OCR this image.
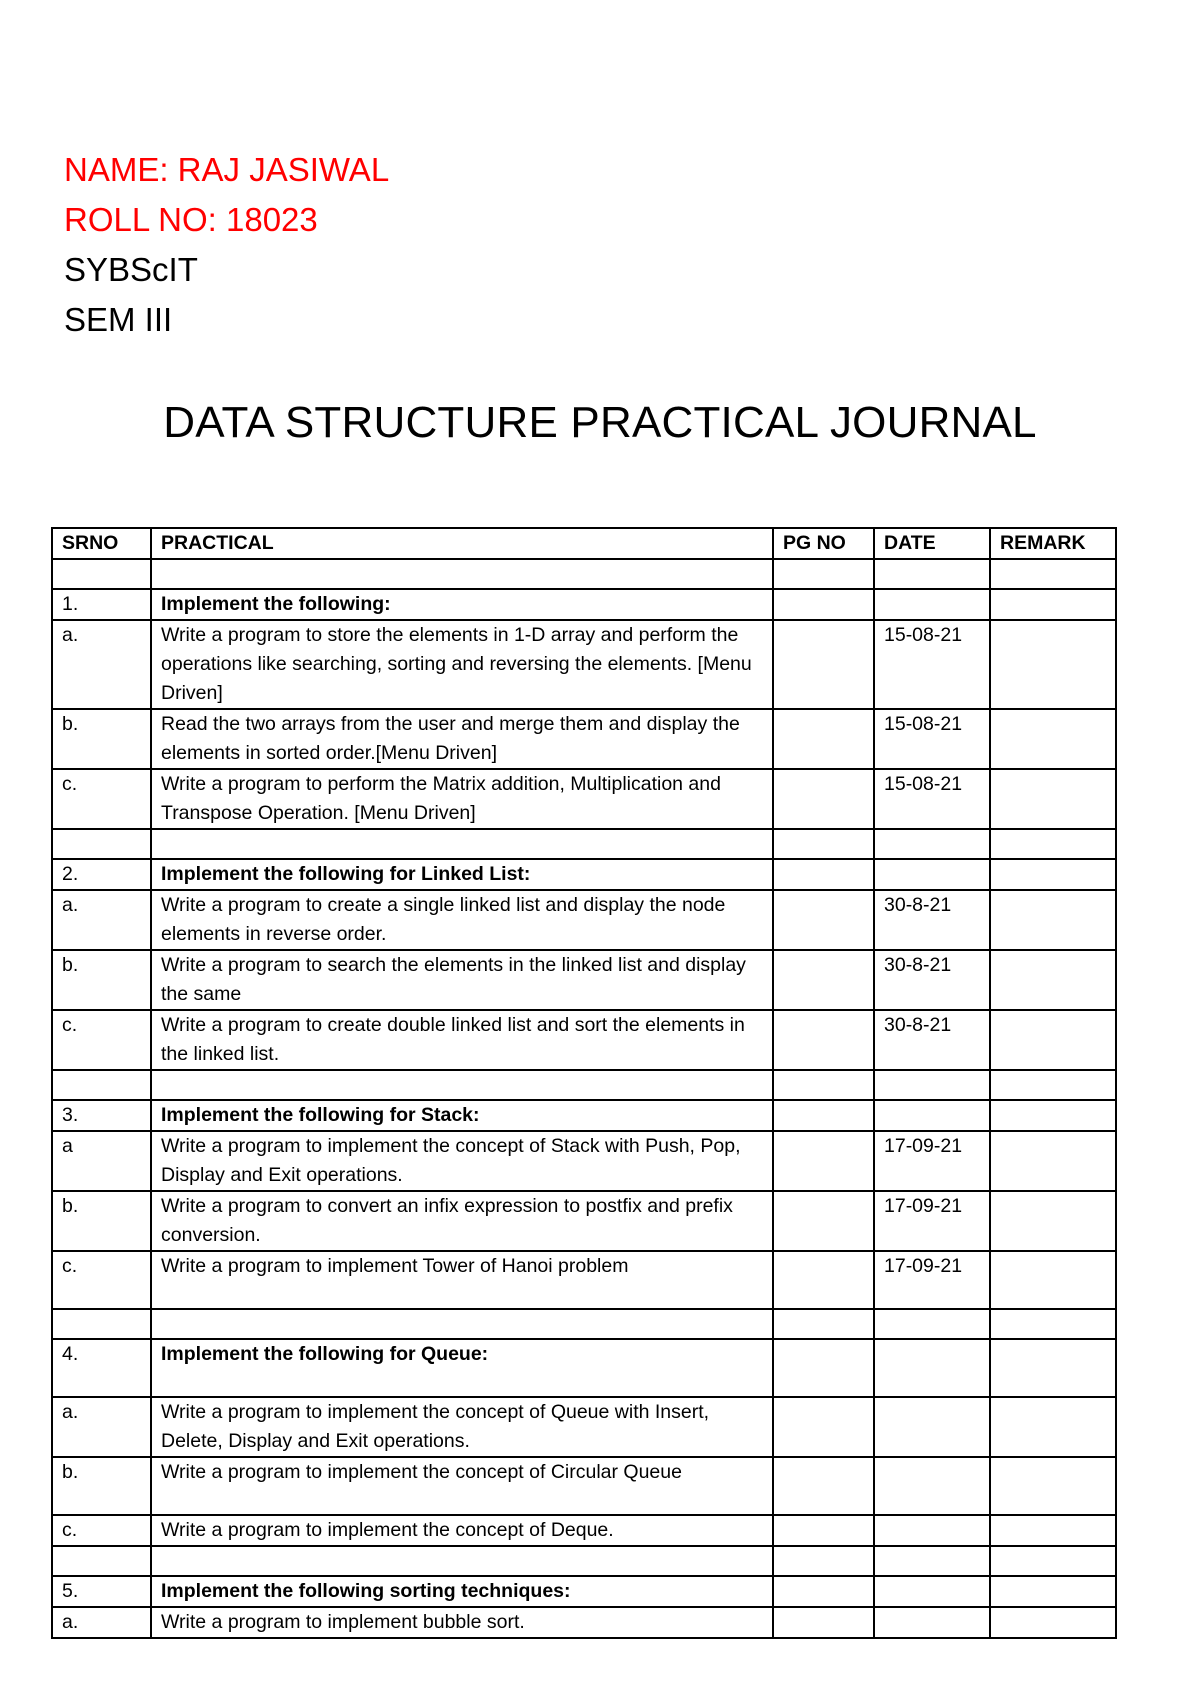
NAME: RAJ JASIWAL
ROLL NO: 18023
SYBScIT
SEM III
DATA STRUCTURE PRACTICAL JOURNAL
SRNO	PRACTICAL	PG NO	DATE	REMARK

1.	Implement the following:			
a.	Write a program to store the elements in 1-D array and perform the operations like searching, sorting and reversing the elements. [Menu Driven]		15-08-21	
b.	Read the two arrays from the user and merge them and display the elements in sorted order.[Menu Driven]		15-08-21	
c.	Write a program to perform the Matrix addition, Multiplication and Transpose Operation. [Menu Driven]		15-08-21	

2.	Implement the following for Linked List:			
a.	Write a program to create a single linked list and display the node elements in reverse order.		30-8-21	
b.	Write a program to search the elements in the linked list and display the same		30-8-21	
c.	Write a program to create double linked list and sort the elements in the linked list.		30-8-21	

3.	Implement the following for Stack:			
a	Write a program to implement the concept of Stack with Push, Pop, Display and Exit operations.		17-09-21	
b.	Write a program to convert an infix expression to postfix and prefix conversion.		17-09-21	
c.	Write a program to implement Tower of Hanoi problem		17-09-21	

4.	Implement the following for Queue:			
a.	Write a program to implement the concept of Queue with Insert, Delete, Display and Exit operations.			
b.	Write a program to implement the concept of Circular Queue			
c.	Write a program to implement the concept of Deque.			

5.	Implement the following sorting techniques:			
a.	Write a program to implement bubble sort.			
